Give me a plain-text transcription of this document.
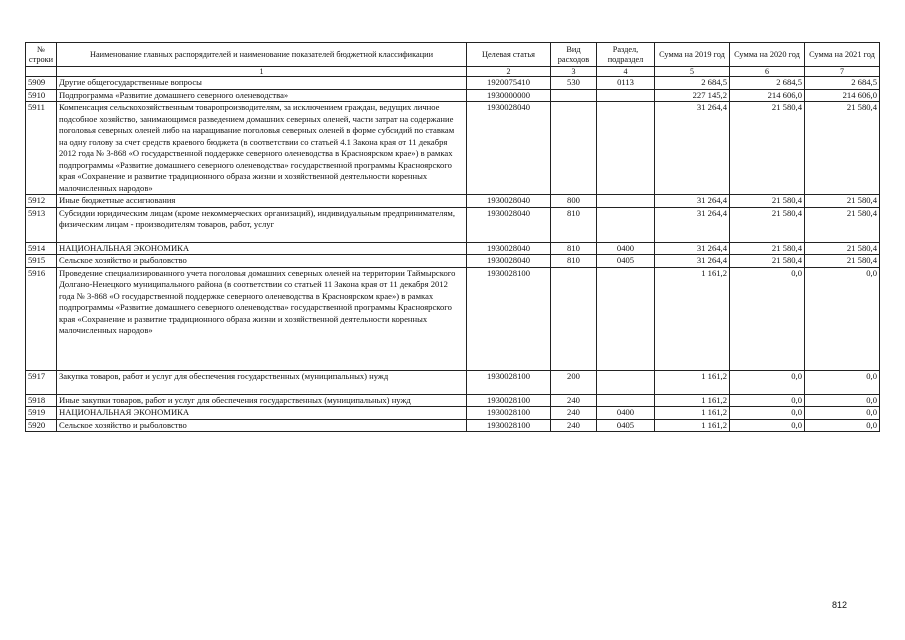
№ строки	Наименование главных распорядителей и наименование показателей бюджетной классификации	Целевая статья	Вид расходов	Раздел, подраздел	Сумма на 2019 год	Сумма на 2020 год	Сумма на 2021 год
	1	2	3	4	5	6	7
5909	Другие общегосударственные вопросы	1920075410	530	0113	2 684,5	2 684,5	2 684,5
5910	Подпрограмма «Развитие домашнего северного оленеводства»	1930000000			227 145,2	214 606,0	214 606,0
5911	Компенсация сельскохозяйственным товаропроизводителям, за исключением граждан, ведущих личное подсобное хозяйство, занимающимся разведением домашних северных оленей, части затрат на содержание поголовья северных оленей либо на наращивание поголовья северных оленей в форме субсидий по ставкам на одну голову за счет средств краевого бюджета (в соответствии со статьей 4.1 Закона края от 11 декабря 2012 года № 3-868 «О государственной поддержке северного оленеводства в Красноярском крае») в рамках подпрограммы «Развитие домашнего северного оленеводства» государственной программы Красноярского края «Сохранение и развитие традиционного образа жизни и хозяйственной деятельности коренных малочисленных народов»	1930028040			31 264,4	21 580,4	21 580,4
5912	Иные бюджетные ассигнования	1930028040	800		31 264,4	21 580,4	21 580,4
5913	Субсидии юридическим лицам (кроме некоммерческих организаций), индивидуальным предпринимателям, физическим лицам - производителям товаров, работ, услуг	1930028040	810		31 264,4	21 580,4	21 580,4
5914	НАЦИОНАЛЬНАЯ ЭКОНОМИКА	1930028040	810	0400	31 264,4	21 580,4	21 580,4
5915	Сельское хозяйство и рыболовство	1930028040	810	0405	31 264,4	21 580,4	21 580,4
5916	Проведение специализированного учета поголовья домашних северных оленей на территории Таймырского Долгано-Ненецкого муниципального района (в соответствии со статьей 11 Закона края от 11 декабря 2012 года № 3-868 «О государственной поддержке северного оленеводства в Красноярском крае») в рамках подпрограммы «Развитие домашнего северного оленеводства» государственной программы Красноярского края «Сохранение и развитие традиционного образа жизни и хозяйственной деятельности коренных малочисленных народов»	1930028100			1 161,2	0,0	0,0
5917	Закупка товаров, работ и услуг для обеспечения государственных (муниципальных) нужд	1930028100	200		1 161,2	0,0	0,0
5918	Иные закупки товаров, работ и услуг для обеспечения государственных (муниципальных) нужд	1930028100	240		1 161,2	0,0	0,0
5919	НАЦИОНАЛЬНАЯ ЭКОНОМИКА	1930028100	240	0400	1 161,2	0,0	0,0
5920	Сельское хозяйство и рыболовство	1930028100	240	0405	1 161,2	0,0	0,0
812
